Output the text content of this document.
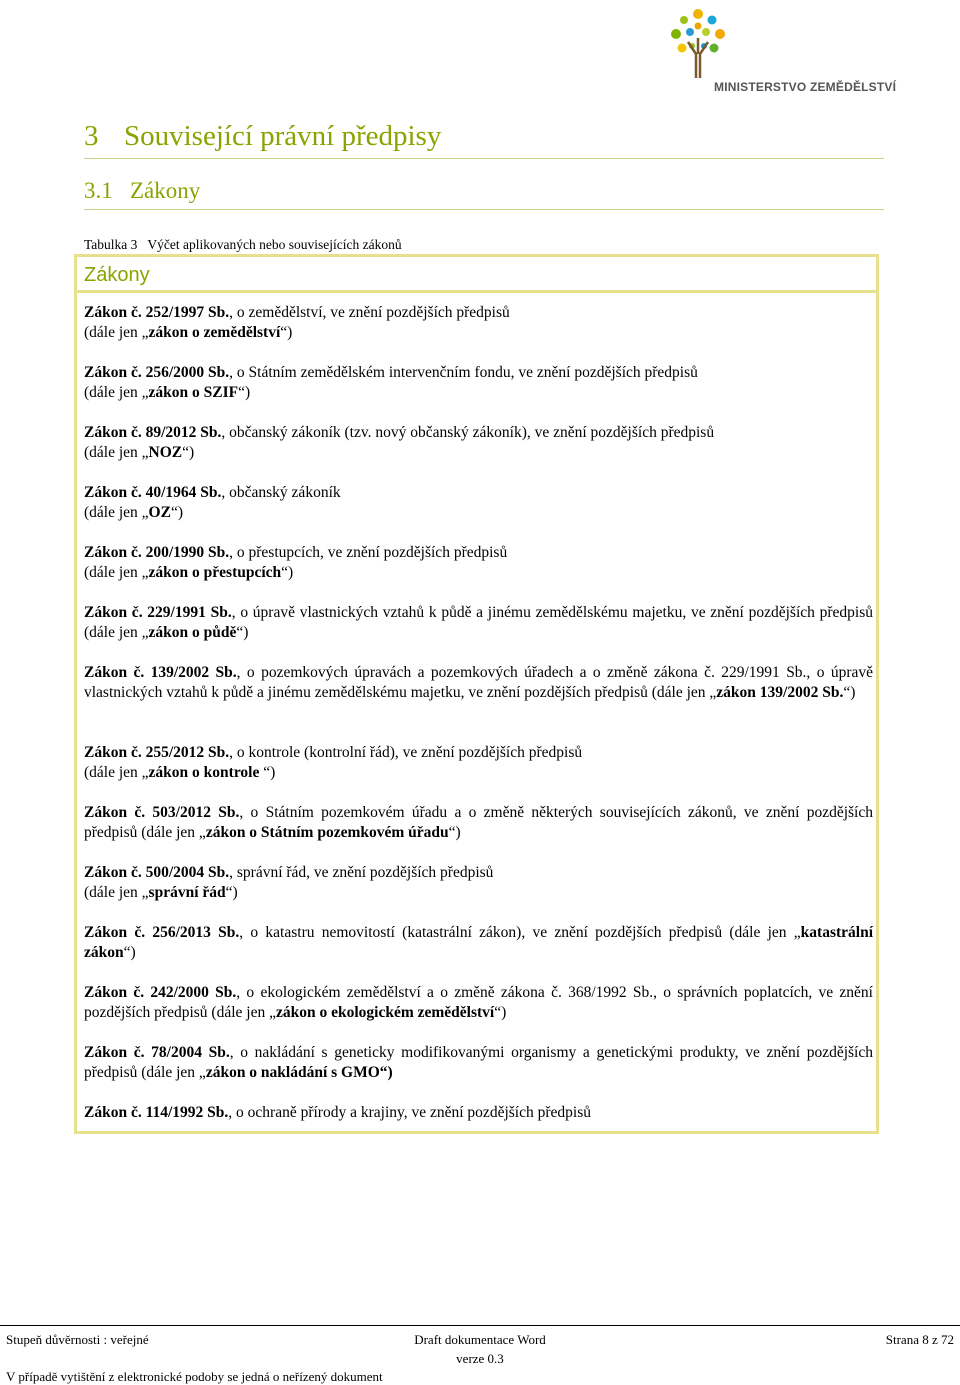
MINISTERSTVO ZEMĚDĚLSTVÍ
3 Související právní předpisy
3.1 Zákony
Tabulka 3 Výčet aplikovaných nebo souvisejících zákonů
Zákony
Zákon č. 252/1997 Sb., o zemědělství, ve znění pozdějších předpisů
(dále jen „zákon o zemědělství“)
Zákon č. 256/2000 Sb., o Státním zemědělském intervenčním fondu, ve znění pozdějších předpisů
(dále jen „zákon o SZIF“)
Zákon č. 89/2012 Sb., občanský zákoník (tzv. nový občanský zákoník), ve znění pozdějších předpisů
(dále jen „NOZ“)
Zákon č. 40/1964 Sb., občanský zákoník
(dále jen „OZ“)
Zákon č. 200/1990 Sb., o přestupcích, ve znění pozdějších předpisů
(dále jen „zákon o přestupcích“)
Zákon č. 229/1991 Sb., o úpravě vlastnických vztahů k půdě a jinému zemědělskému majetku, ve znění pozdějších předpisů (dále jen „zákon o půdě“)
Zákon č. 139/2002 Sb., o pozemkových úpravách a pozemkových úřadech a o změně zákona č. 229/1991 Sb., o úpravě vlastnických vztahů k půdě a jinému zemědělskému majetku, ve znění pozdějších předpisů (dále jen „zákon 139/2002 Sb.“)
Zákon č. 255/2012 Sb., o kontrole (kontrolní řád), ve znění pozdějších předpisů
(dále jen „zákon o kontrole “)
Zákon č. 503/2012 Sb., o Státním pozemkovém úřadu a o změně některých souvisejících zákonů, ve znění pozdějších předpisů (dále jen „zákon o Státním pozemkovém úřadu“)
Zákon č. 500/2004 Sb., správní řád, ve znění pozdějších předpisů
(dále jen „správní řád“)
Zákon č. 256/2013 Sb., o katastru nemovitostí (katastrální zákon), ve znění pozdějších předpisů (dále jen „katastrální zákon“)
Zákon č. 242/2000 Sb., o ekologickém zemědělství a o změně zákona č. 368/1992 Sb., o správních poplatcích, ve znění pozdějších předpisů (dále jen „zákon o ekologickém zemědělství“)
Zákon č. 78/2004 Sb., o nakládání s geneticky modifikovanými organismy a genetickými produkty, ve znění pozdějších předpisů (dále jen „zákon o nakládání s GMO“)
Zákon č. 114/1992 Sb., o ochraně přírody a krajiny, ve znění pozdějších předpisů
Stupeň důvěrnosti : veřejné	Draft dokumentace Word
verze 0.3
Strana 8 z 72
V případě vytištění z elektronické podoby se jedná o neřízený dokument
